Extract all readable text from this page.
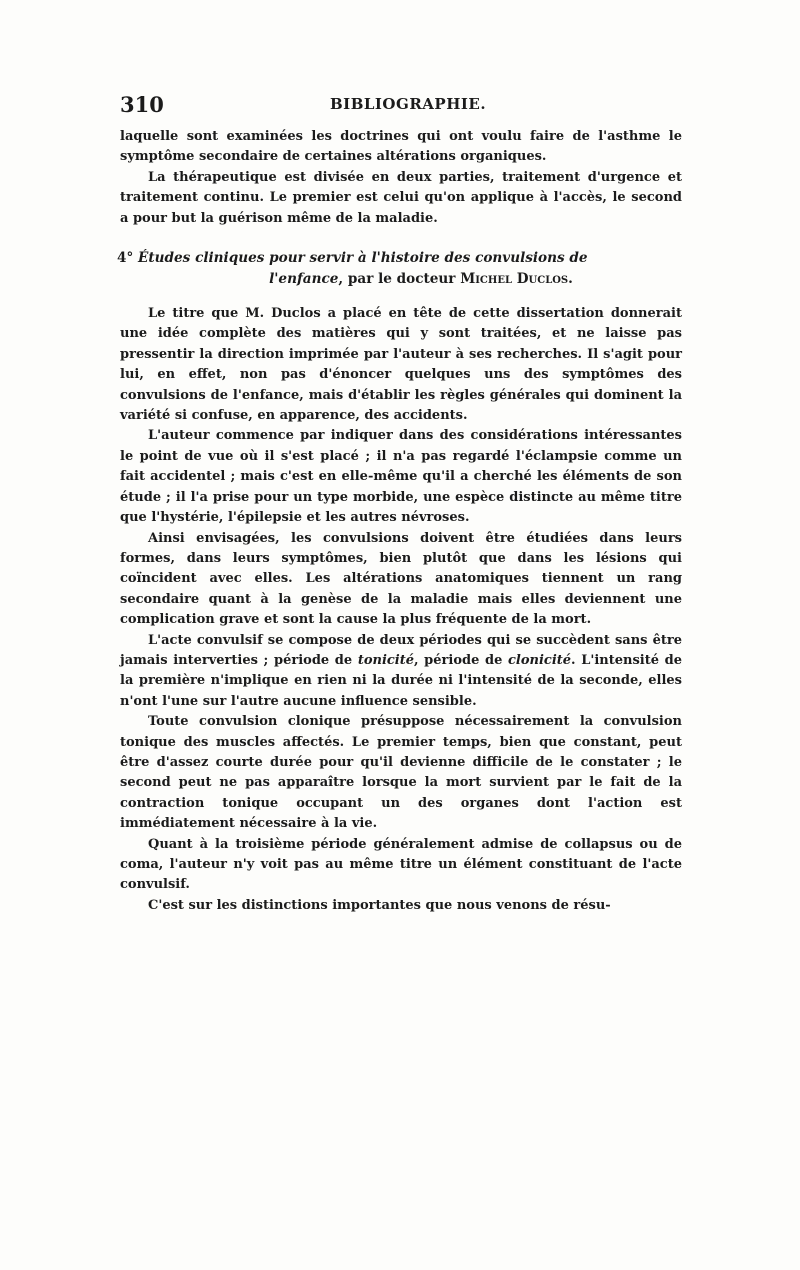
310	BIBLIOGRAPHIE.

laquelle sont examinées les doctrines qui ont voulu faire de l'asthme le symptôme secondaire de certaines altérations organiques.

La thérapeutique est divisée en deux parties, traitement d'urgence et traitement continu. Le premier est celui qu'on applique à l'accès, le second a pour but la guérison même de la maladie.

4° Études cliniques pour servir à l'histoire des convulsions de
l'enfance, par le docteur Michel Duclos.

Le titre que M. Duclos a placé en tête de cette dissertation donnerait une idée complète des matières qui y sont traitées, et ne laisse pas pressentir la direction imprimée par l'auteur à ses recherches. Il s'agit pour lui, en effet, non pas d'énoncer quelques uns des symptômes des convulsions de l'enfance, mais d'établir les règles générales qui dominent la variété si confuse, en apparence, des accidents.

L'auteur commence par indiquer dans des considérations intéressantes le point de vue où il s'est placé ; il n'a pas regardé l'éclampsie comme un fait accidentel ; mais c'est en elle-même qu'il a cherché les éléments de son étude ; il l'a prise pour un type morbide, une espèce distincte au même titre que l'hystérie, l'épilepsie et les autres névroses.

Ainsi envisagées, les convulsions doivent être étudiées dans leurs formes, dans leurs symptômes, bien plutôt que dans les lésions qui coïncident avec elles. Les altérations anatomiques tiennent un rang secondaire quant à la genèse de la maladie mais elles deviennent une complication grave et sont la cause la plus fréquente de la mort.

L'acte convulsif se compose de deux périodes qui se succèdent sans être jamais interverties ; période de tonicité, période de clonicité. L'intensité de la première n'implique en rien ni la durée ni l'intensité de la seconde, elles n'ont l'une sur l'autre aucune influence sensible.

Toute convulsion clonique présuppose nécessairement la convulsion tonique des muscles affectés. Le premier temps, bien que constant, peut être d'assez courte durée pour qu'il devienne difficile de le constater ; le second peut ne pas apparaître lorsque la mort survient par le fait de la contraction tonique occupant un des organes dont l'action est immédiatement nécessaire à la vie.

Quant à la troisième période généralement admise de collapsus ou de coma, l'auteur n'y voit pas au même titre un élément constituant de l'acte convulsif.

C'est sur les distinctions importantes que nous venons de résu-
